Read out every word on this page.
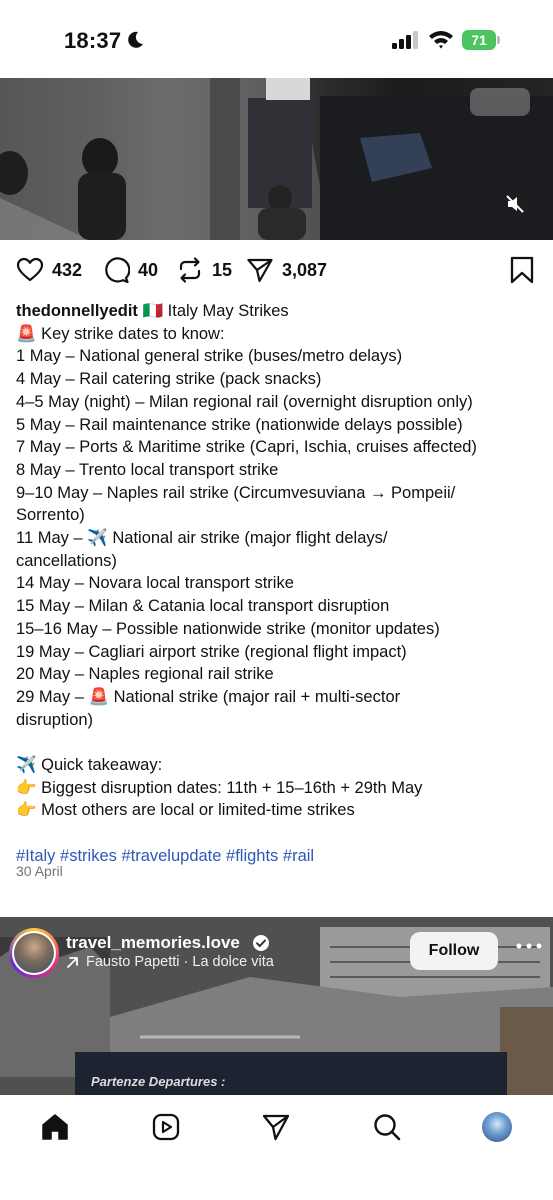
18:37	71
432	40	15	3,087
thedonnellyedit 🇮🇹 Italy May Strikes
🚨 Key strike dates to know:
1 May – National general strike (buses/metro delays)
4 May – Rail catering strike (pack snacks)
4–5 May (night) – Milan regional rail (overnight disruption only)
5 May – Rail maintenance strike (nationwide delays possible)
7 May – Ports & Maritime strike (Capri, Ischia, cruises affected)
8 May – Trento local transport strike
9–10 May – Naples rail strike (Circumvesuviana → Pompeii/ Sorrento)
11 May – ✈️ National air strike (major flight delays/ cancellations)
14 May – Novara local transport strike
15 May – Milan & Catania local transport disruption
15–16 May – Possible nationwide strike (monitor updates)
19 May – Cagliari airport strike (regional flight impact)
20 May – Naples regional rail strike
29 May – 🚨 National strike (major rail + multi-sector disruption)
✈️ Quick takeaway:
👉 Biggest disruption dates: 11th + 15–16th + 29th May
👉 Most others are local or limited-time strikes
#Italy #strikes #travelupdate #flights #rail
30 April
travel_memories.love
Fausto Papetti · La dolce vita
Follow
Partenze Departures :
